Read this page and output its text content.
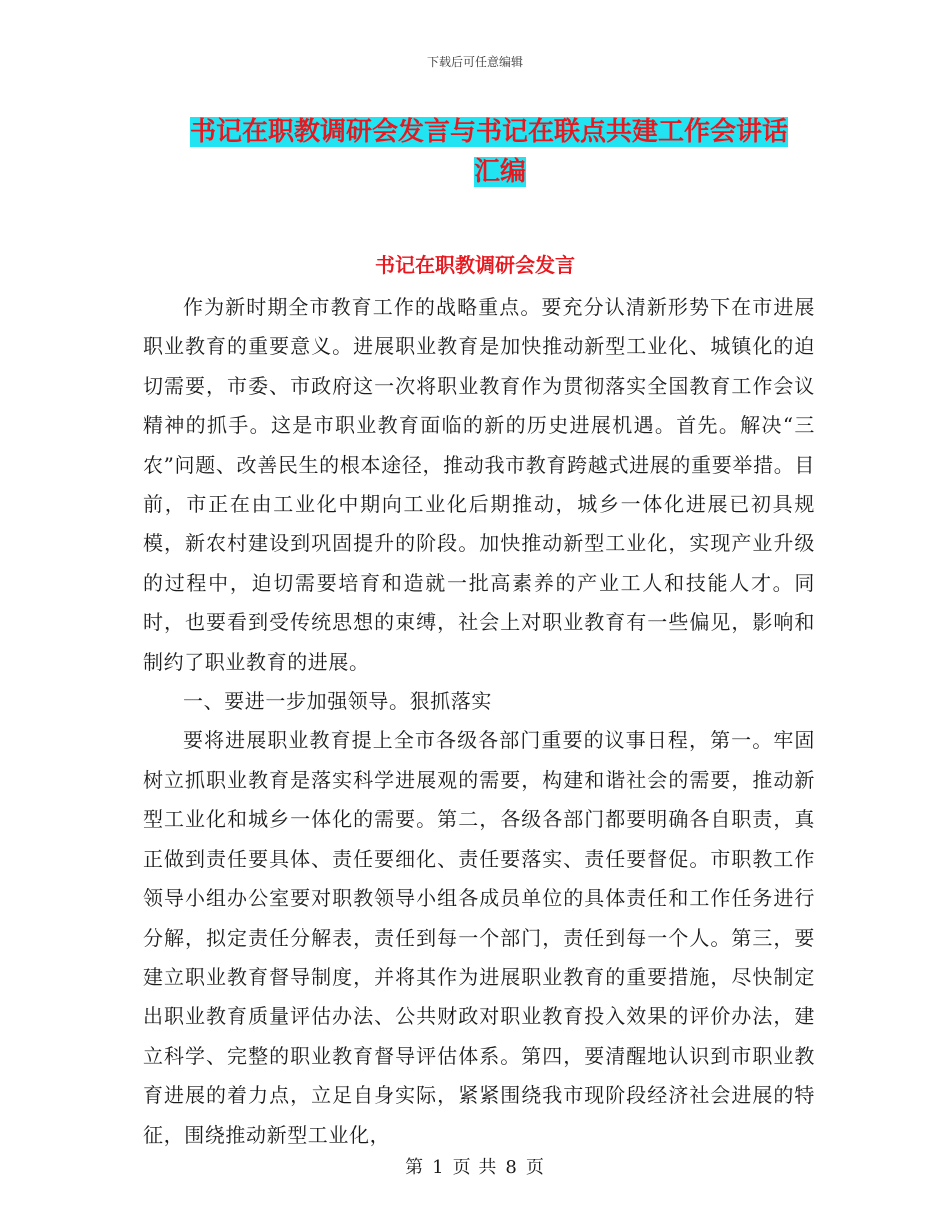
下载后可任意编辑
书记在职教调研会发言与书记在联点共建工作会讲话
汇编
书记在职教调研会发言

作为新时期全市教育工作的战略重点。要充分认清新形势下在市进展职业教育的重要意义。进展职业教育是加快推动新型工业化、城镇化的迫切需要，市委、市政府这一次将职业教育作为贯彻落实全国教育工作会议精神的抓手。这是市职业教育面临的新的历史进展机遇。首先。解决“三农”问题、改善民生的根本途径，推动我市教育跨越式进展的重要举措。目前，市正在由工业化中期向工业化后期推动，城乡一体化进展已初具规模，新农村建设到巩固提升的阶段。加快推动新型工业化，实现产业升级的过程中，迫切需要培育和造就一批高素养的产业工人和技能人才。同时，也要看到受传统思想的束缚，社会上对职业教育有一些偏见，影响和制约了职业教育的进展。

一、要进一步加强领导。狠抓落实

要将进展职业教育提上全市各级各部门重要的议事日程，第一。牢固树立抓职业教育是落实科学进展观的需要，构建和谐社会的需要，推动新型工业化和城乡一体化的需要。第二，各级各部门都要明确各自职责，真正做到责任要具体、责任要细化、责任要落实、责任要督促。市职教工作领导小组办公室要对职教领导小组各成员单位的具体责任和工作任务进行分解，拟定责任分解表，责任到每一个部门，责任到每一个人。第三，要建立职业教育督导制度，并将其作为进展职业教育的重要措施，尽快制定出职业教育质量评估办法、公共财政对职业教育投入效果的评价办法，建立科学、完整的职业教育督导评估体系。第四，要清醒地认识到市职业教育进展的着力点，立足自身实际，紧紧围绕我市现阶段经济社会进展的特征，围绕推动新型工业化，

第 1 页 共 8 页
